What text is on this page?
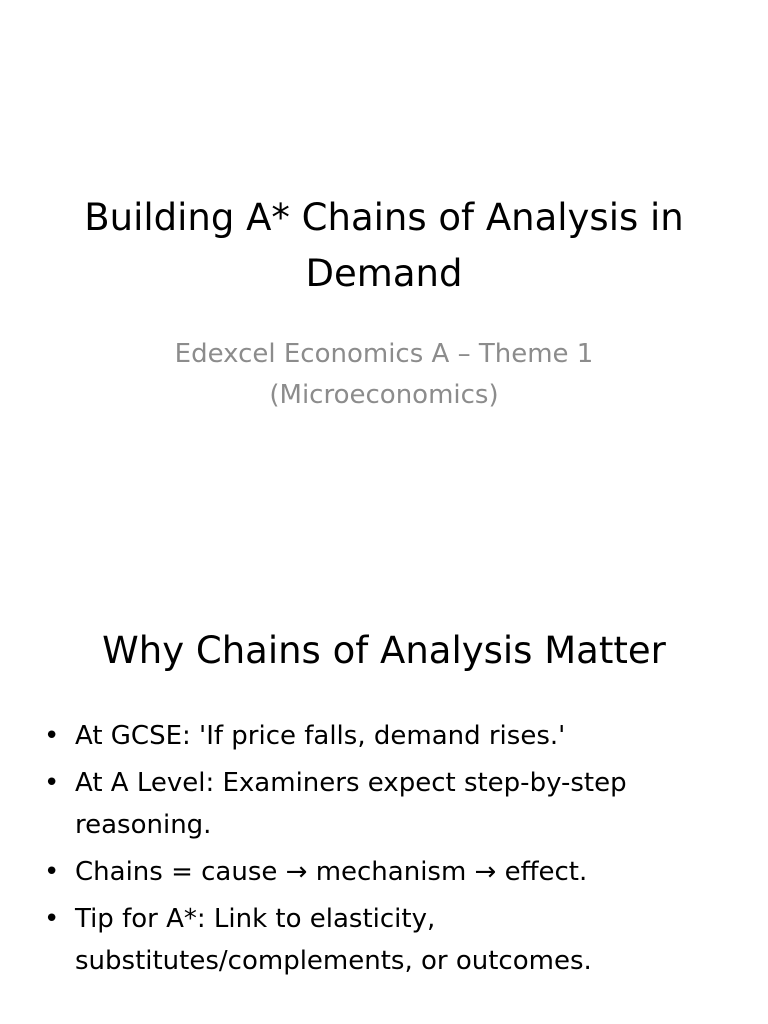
Building A* Chains of Analysis in Demand
Edexcel Economics A – Theme 1
(Microeconomics)
Why Chains of Analysis Matter
• At GCSE: 'If price falls, demand rises.'
• At A Level: Examiners expect step-by-step reasoning.
• Chains = cause → mechanism → effect.
• Tip for A*: Link to elasticity, substitutes/complements, or outcomes.
